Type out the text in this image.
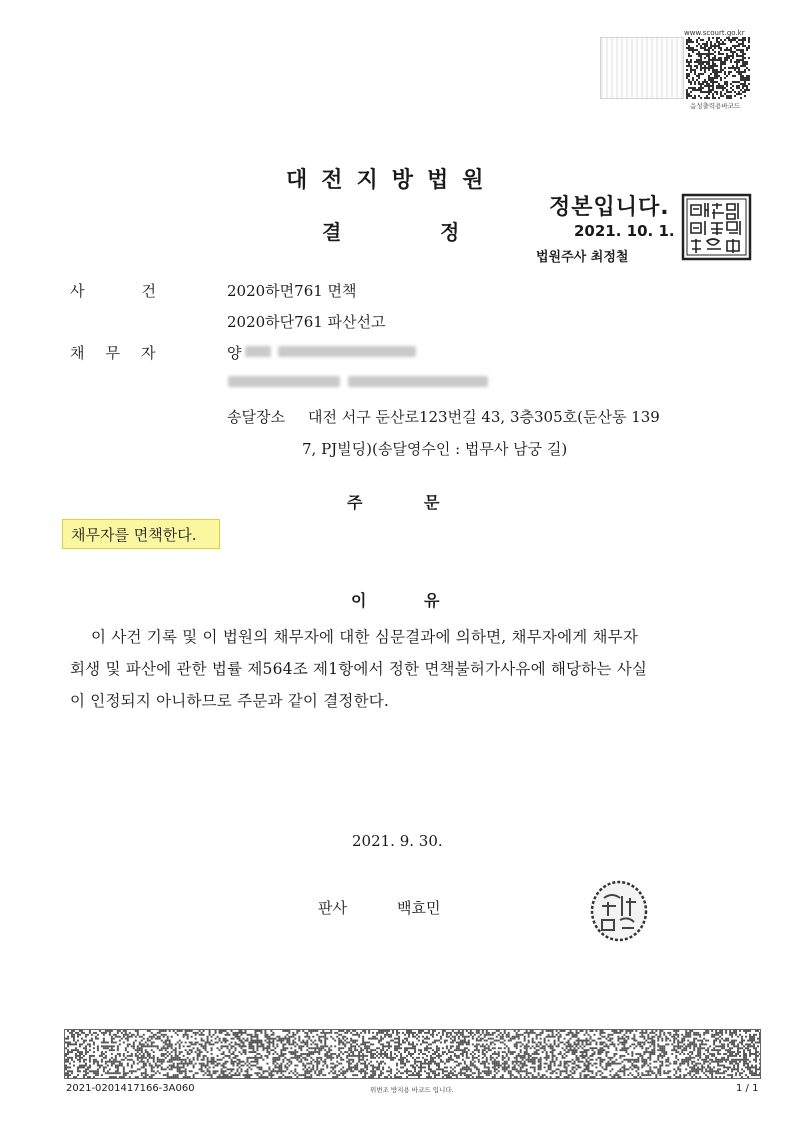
www.scourt.go.kr
음성출력용바코드
대전지방법원
결	정
정본입니다.
2021. 10. 1.
법원주사 최정철
사	건	2020하면761 면책
2020하단761 파산선고
채 무 자	양
송달장소 대전 서구 둔산로123번길 43, 3층305호(둔산동 139
7, PJ빌딩)(송달영수인 : 법무사 남궁 길)
주	문
채무자를 면책한다.
이	유
이 사건 기록 및 이 법원의 채무자에 대한 심문결과에 의하면, 채무자에게 채무자
회생 및 파산에 관한 법률 제564조 제1항에서 정한 면책불허가사유에 해당하는 사실
이 인정되지 아니하므로 주문과 같이 결정한다.
2021. 9. 30.
판사	백효민
2021-0201417166-3A060	위변조 방지용 바코드 입니다.	1 / 1
